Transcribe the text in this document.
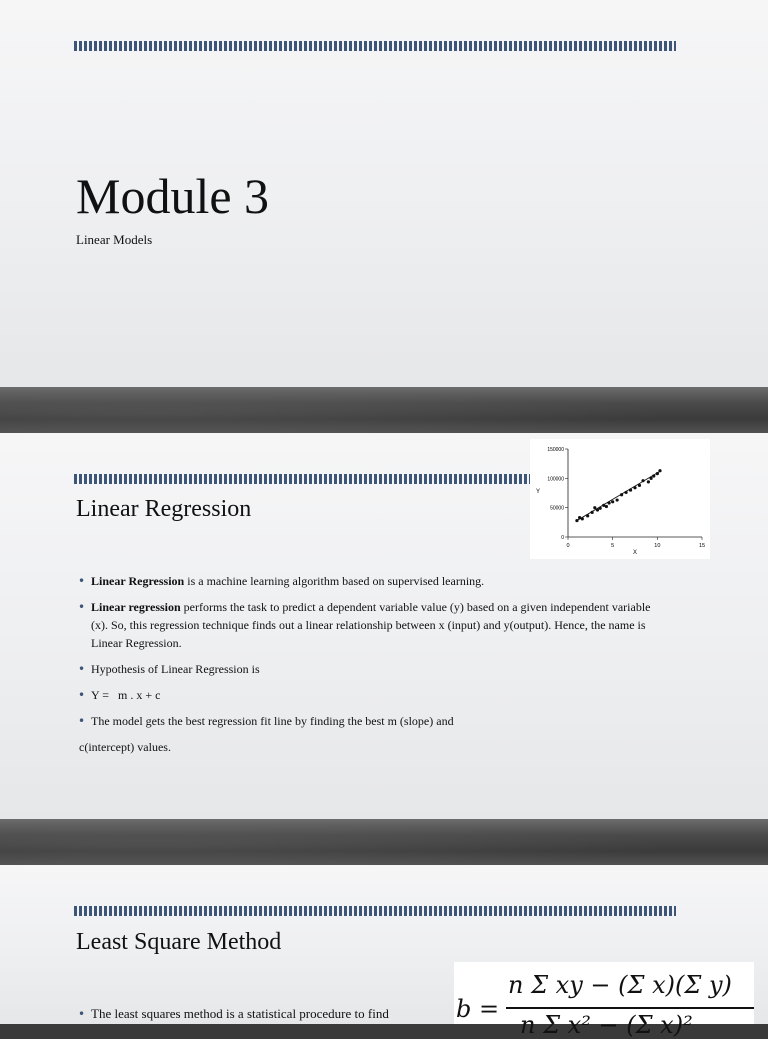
Module 3
Linear Models
Linear Regression
0	5	10	15
0
50000
100000
150000
X
Y
• Linear Regression is a machine learning algorithm based on supervised learning.
• Linear regression performs the task to predict a dependent variable value (y) based on a given independent variable (x). So, this regression technique finds out a linear relationship between x (input) and y(output). Hence, the name is Linear Regression.
• Hypothesis of Linear Regression is
• Y =   m . x + c
• The model gets the best regression fit line by finding the best m (slope) and
c(intercept) values.
Least Square Method
• The least squares method is a statistical procedure to find	b =
n Σ xy − (Σ x)(Σ y)
n Σ x² − (Σ x)²
